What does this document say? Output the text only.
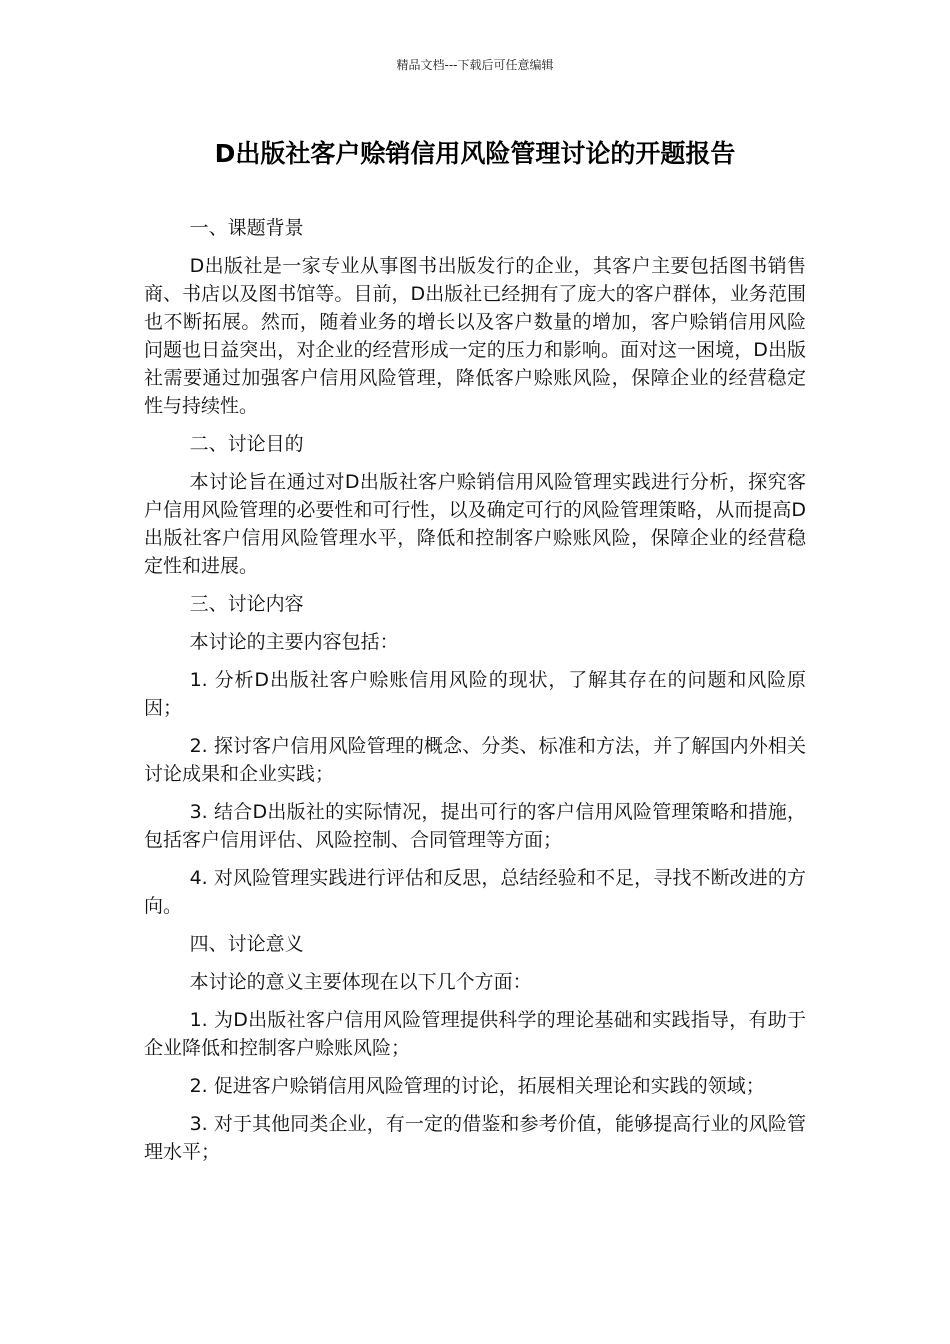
精品文档---下载后可任意编辑
D出版社客户赊销信用风险管理讨论的开题报告

一、课题背景

D出版社是一家专业从事图书出版发行的企业，其客户主要包括图书销售商、书店以及图书馆等。目前，D出版社已经拥有了庞大的客户群体，业务范围也不断拓展。然而，随着业务的增长以及客户数量的增加，客户赊销信用风险问题也日益突出，对企业的经营形成一定的压力和影响。面对这一困境，D出版社需要通过加强客户信用风险管理，降低客户赊账风险，保障企业的经营稳定性与持续性。

二、讨论目的

本讨论旨在通过对D出版社客户赊销信用风险管理实践进行分析，探究客户信用风险管理的必要性和可行性，以及确定可行的风险管理策略，从而提高D出版社客户信用风险管理水平，降低和控制客户赊账风险，保障企业的经营稳定性和进展。

三、讨论内容

本讨论的主要内容包括：

1. 分析D出版社客户赊账信用风险的现状，了解其存在的问题和风险原因；

2. 探讨客户信用风险管理的概念、分类、标准和方法，并了解国内外相关讨论成果和企业实践；

3. 结合D出版社的实际情况，提出可行的客户信用风险管理策略和措施，包括客户信用评估、风险控制、合同管理等方面；

4. 对风险管理实践进行评估和反思，总结经验和不足，寻找不断改进的方向。

四、讨论意义

本讨论的意义主要体现在以下几个方面：

1. 为D出版社客户信用风险管理提供科学的理论基础和实践指导，有助于企业降低和控制客户赊账风险；

2. 促进客户赊销信用风险管理的讨论，拓展相关理论和实践的领域；

3. 对于其他同类企业，有一定的借鉴和参考价值，能够提高行业的风险管理水平；
